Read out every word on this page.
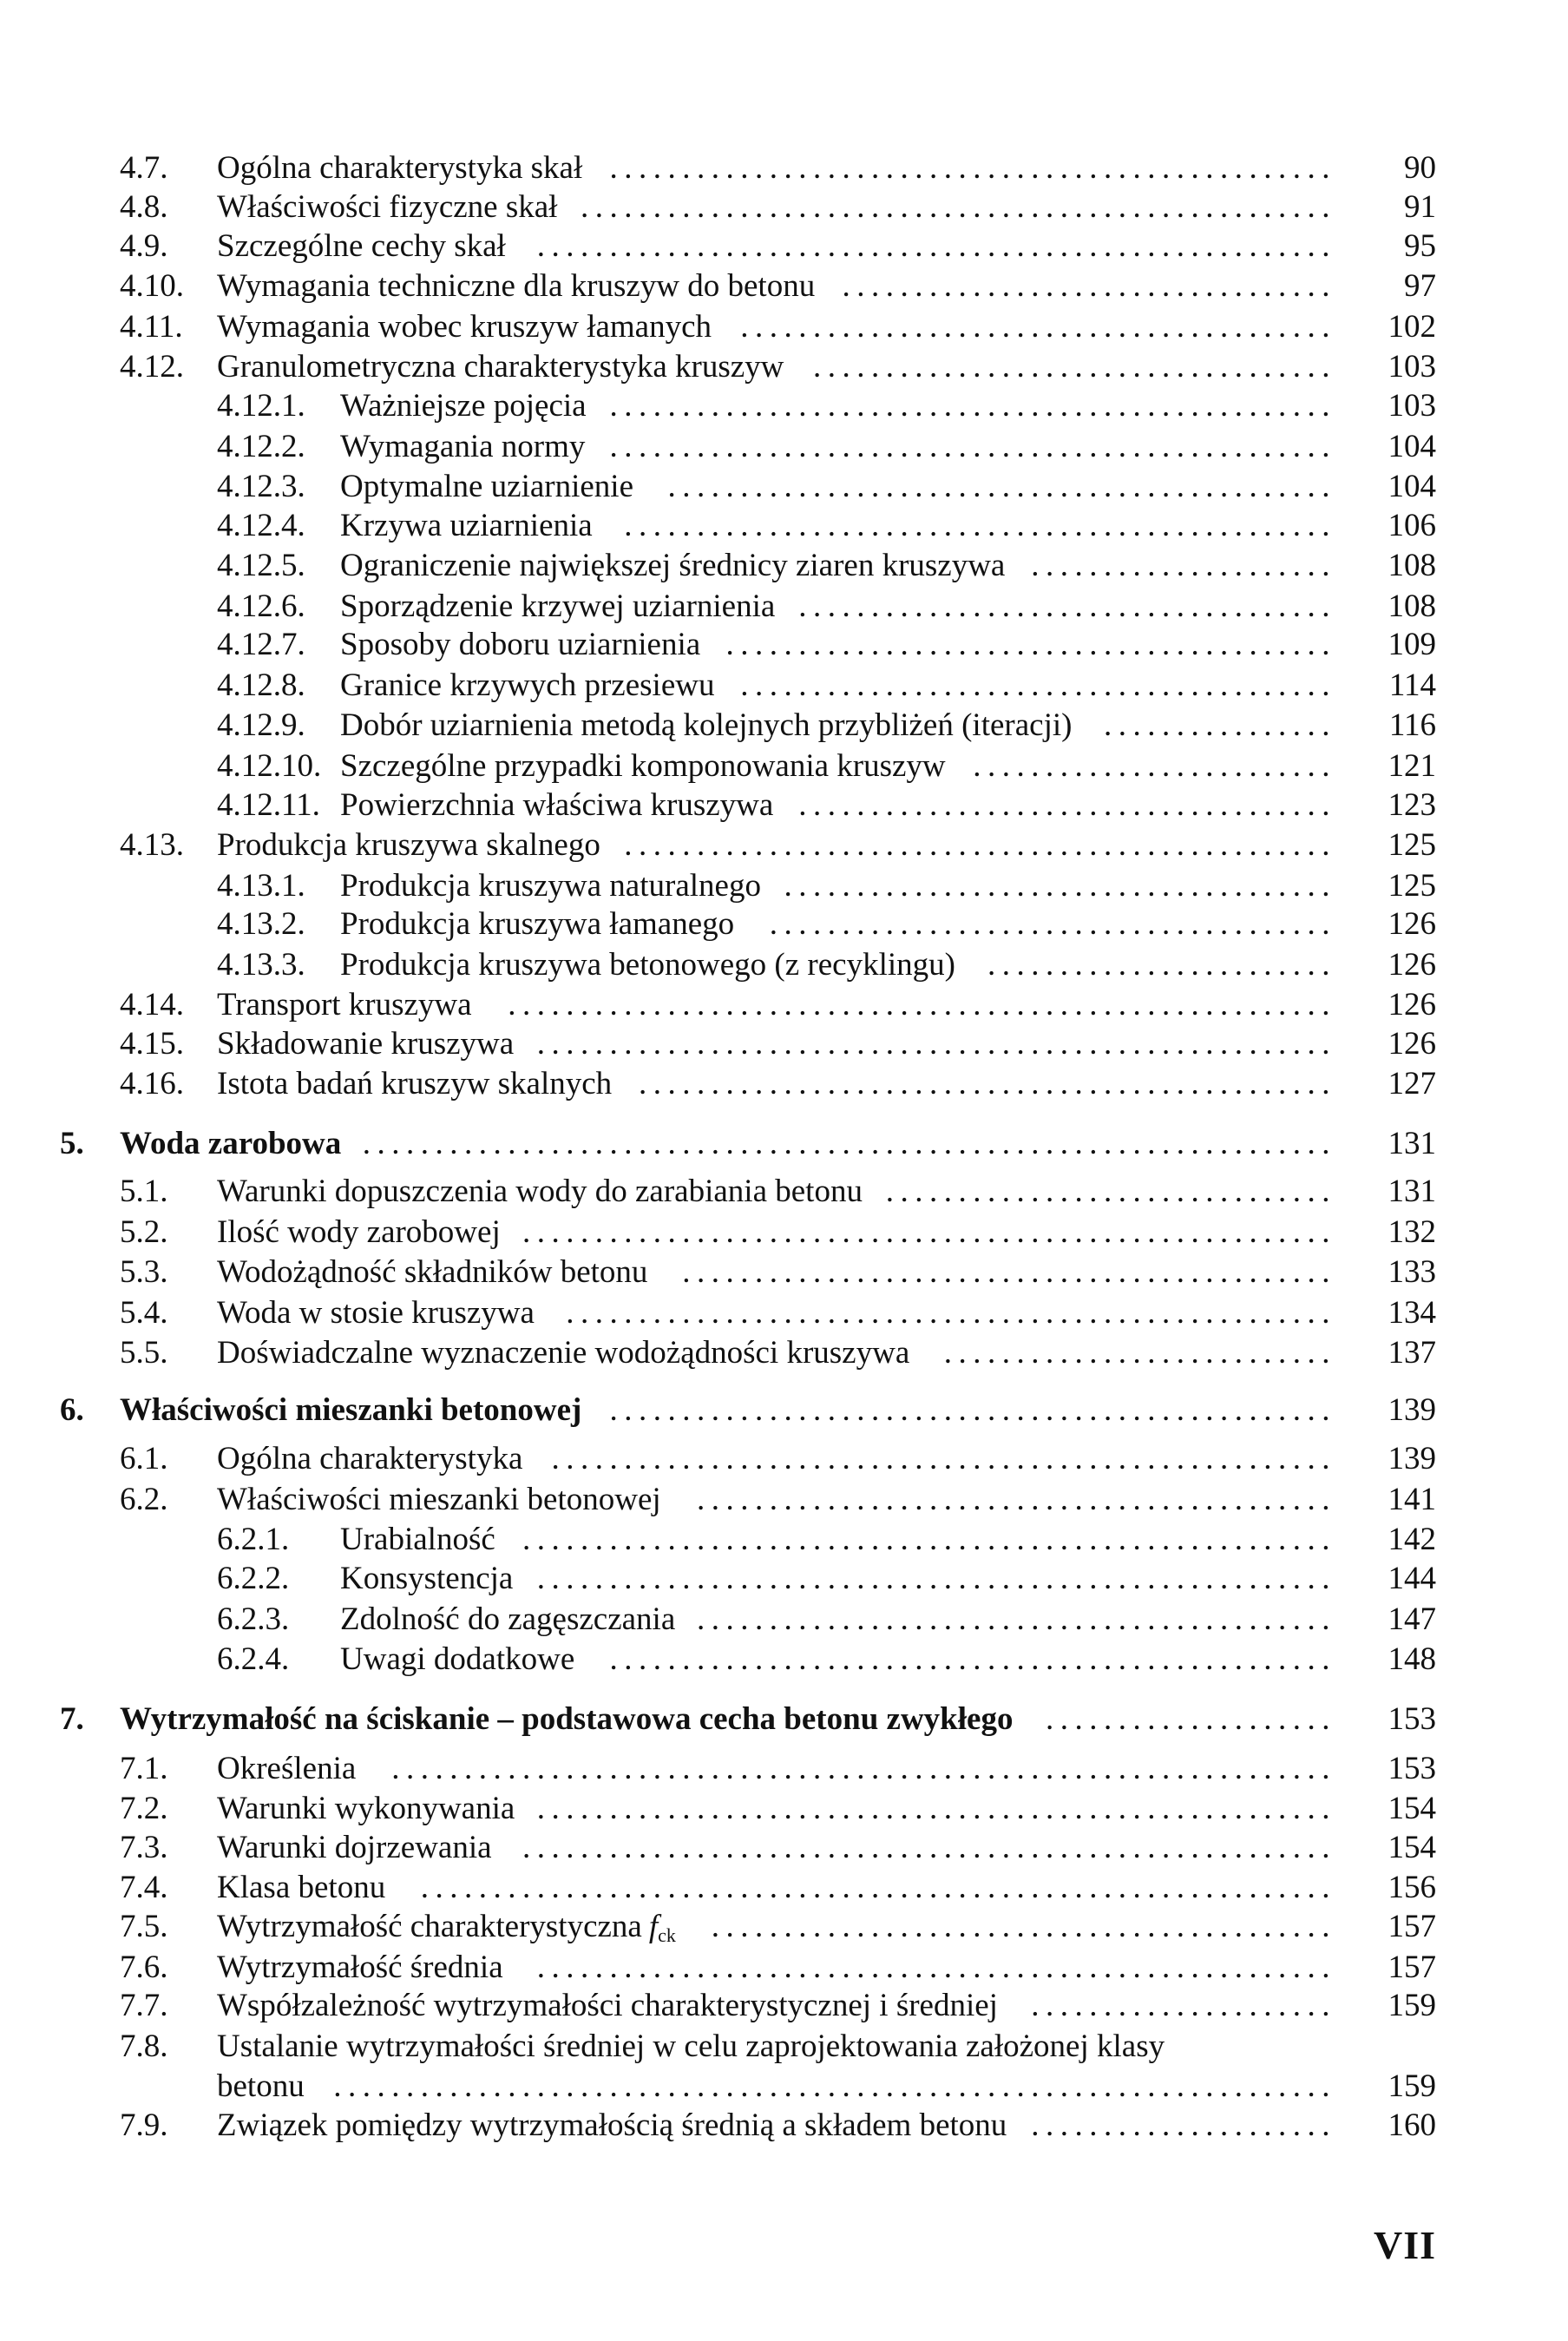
4.7.	Ogólna charakterystyka skał ..................................................	90
4.8.	Właściwości fizyczne skał ....................................................	91
4.9.	Szczególne cechy skał .......................................................	95
4.10.	Wymagania techniczne dla kruszyw do betonu ..................................	97
4.11.	Wymagania wobec kruszyw łamanych .........................................	102
4.12.	Granulometryczna charakterystyka kruszyw ....................................	103
4.12.1.	Ważniejsze pojęcia ..................................................	103
4.12.2.	Wymagania normy ..................................................	104
4.12.3.	Optymalne uziarnienie	..............................................	104
4.12.4.	Krzywa uziarnienia .................................................	106
4.12.5.	Ograniczenie największej średnicy ziaren kruszywa .....................	108
4.12.6.	Sporządzenie krzywej uziarnienia .....................................	108
4.12.7.	Sposoby doboru uziarnienia ..........................................	109
4.12.8.	Granice krzywych przesiewu .........................................	114
4.12.9.	Dobór uziarnienia metodą kolejnych przybliżeń (iteracji) ................	116
4.12.10. Szczególne przypadki komponowania kruszyw .........................	121
4.12.11. Powierzchnia właściwa kruszywa .....................................	123
4.13.	Produkcja kruszywa skalnego .................................................	125
4.13.1.	Produkcja kruszywa naturalnego ......................................	125
4.13.2.	Produkcja kruszywa łamanego	.......................................	126
4.13.3.	Produkcja kruszywa betonowego (z recyklingu)	........................	126
4.14.	Transport kruszywa	.........................................................	126
4.15.	Składowanie kruszywa .......................................................	126
4.16.	Istota badań kruszyw skalnych ................................................	127
5.	Woda zarobowa ...................................................................	131
5.1.	Warunki dopuszczenia wody do zarabiania betonu ...............................	131
5.2.	Ilość wody zarobowej ........................................................	132
5.3.	Wodożądność składników betonu	.............................................	133
5.4.	Woda w stosie kruszywa .....................................................	134
5.5.	Doświadczalne wyznaczenie wodożądności kruszywa	...........................	137
6.	Właściwości mieszanki betonowej ..................................................	139
6.1.	Ogólna charakterystyka ......................................................	139
6.2.	Właściwości mieszanki betonowej	............................................	141
6.2.1.	Urabialność ........................................................	142
6.2.2.	Konsystencja .......................................................	144
6.2.3.	Zdolność do zagęszczania ............................................	147
6.2.4.	Uwagi dodatkowe	..................................................	148
7.	Wytrzymałość na ściskanie – podstawowa cecha betonu zwykłego	....................	153
7.1.	Określenia	.................................................................	153
7.2.	Warunki wykonywania .......................................................	154
7.3.	Warunki dojrzewania ........................................................	154
7.4.	Klasa betonu	...............................................................	156
7.5.	Wytrzymałość charakterystyczna f ck	...........................................	157
7.6.	Wytrzymałość średnia	.......................................................	157
7.7.	Współzależność wytrzymałości charakterystycznej i średniej	.....................	159
7.8.	Ustalanie wytrzymałości średniej w celu zaprojektowania założonej klasy
betonu .....................................................................	159
7.9.	Związek pomiędzy wytrzymałością średnią a składem betonu .....................	160
VII
